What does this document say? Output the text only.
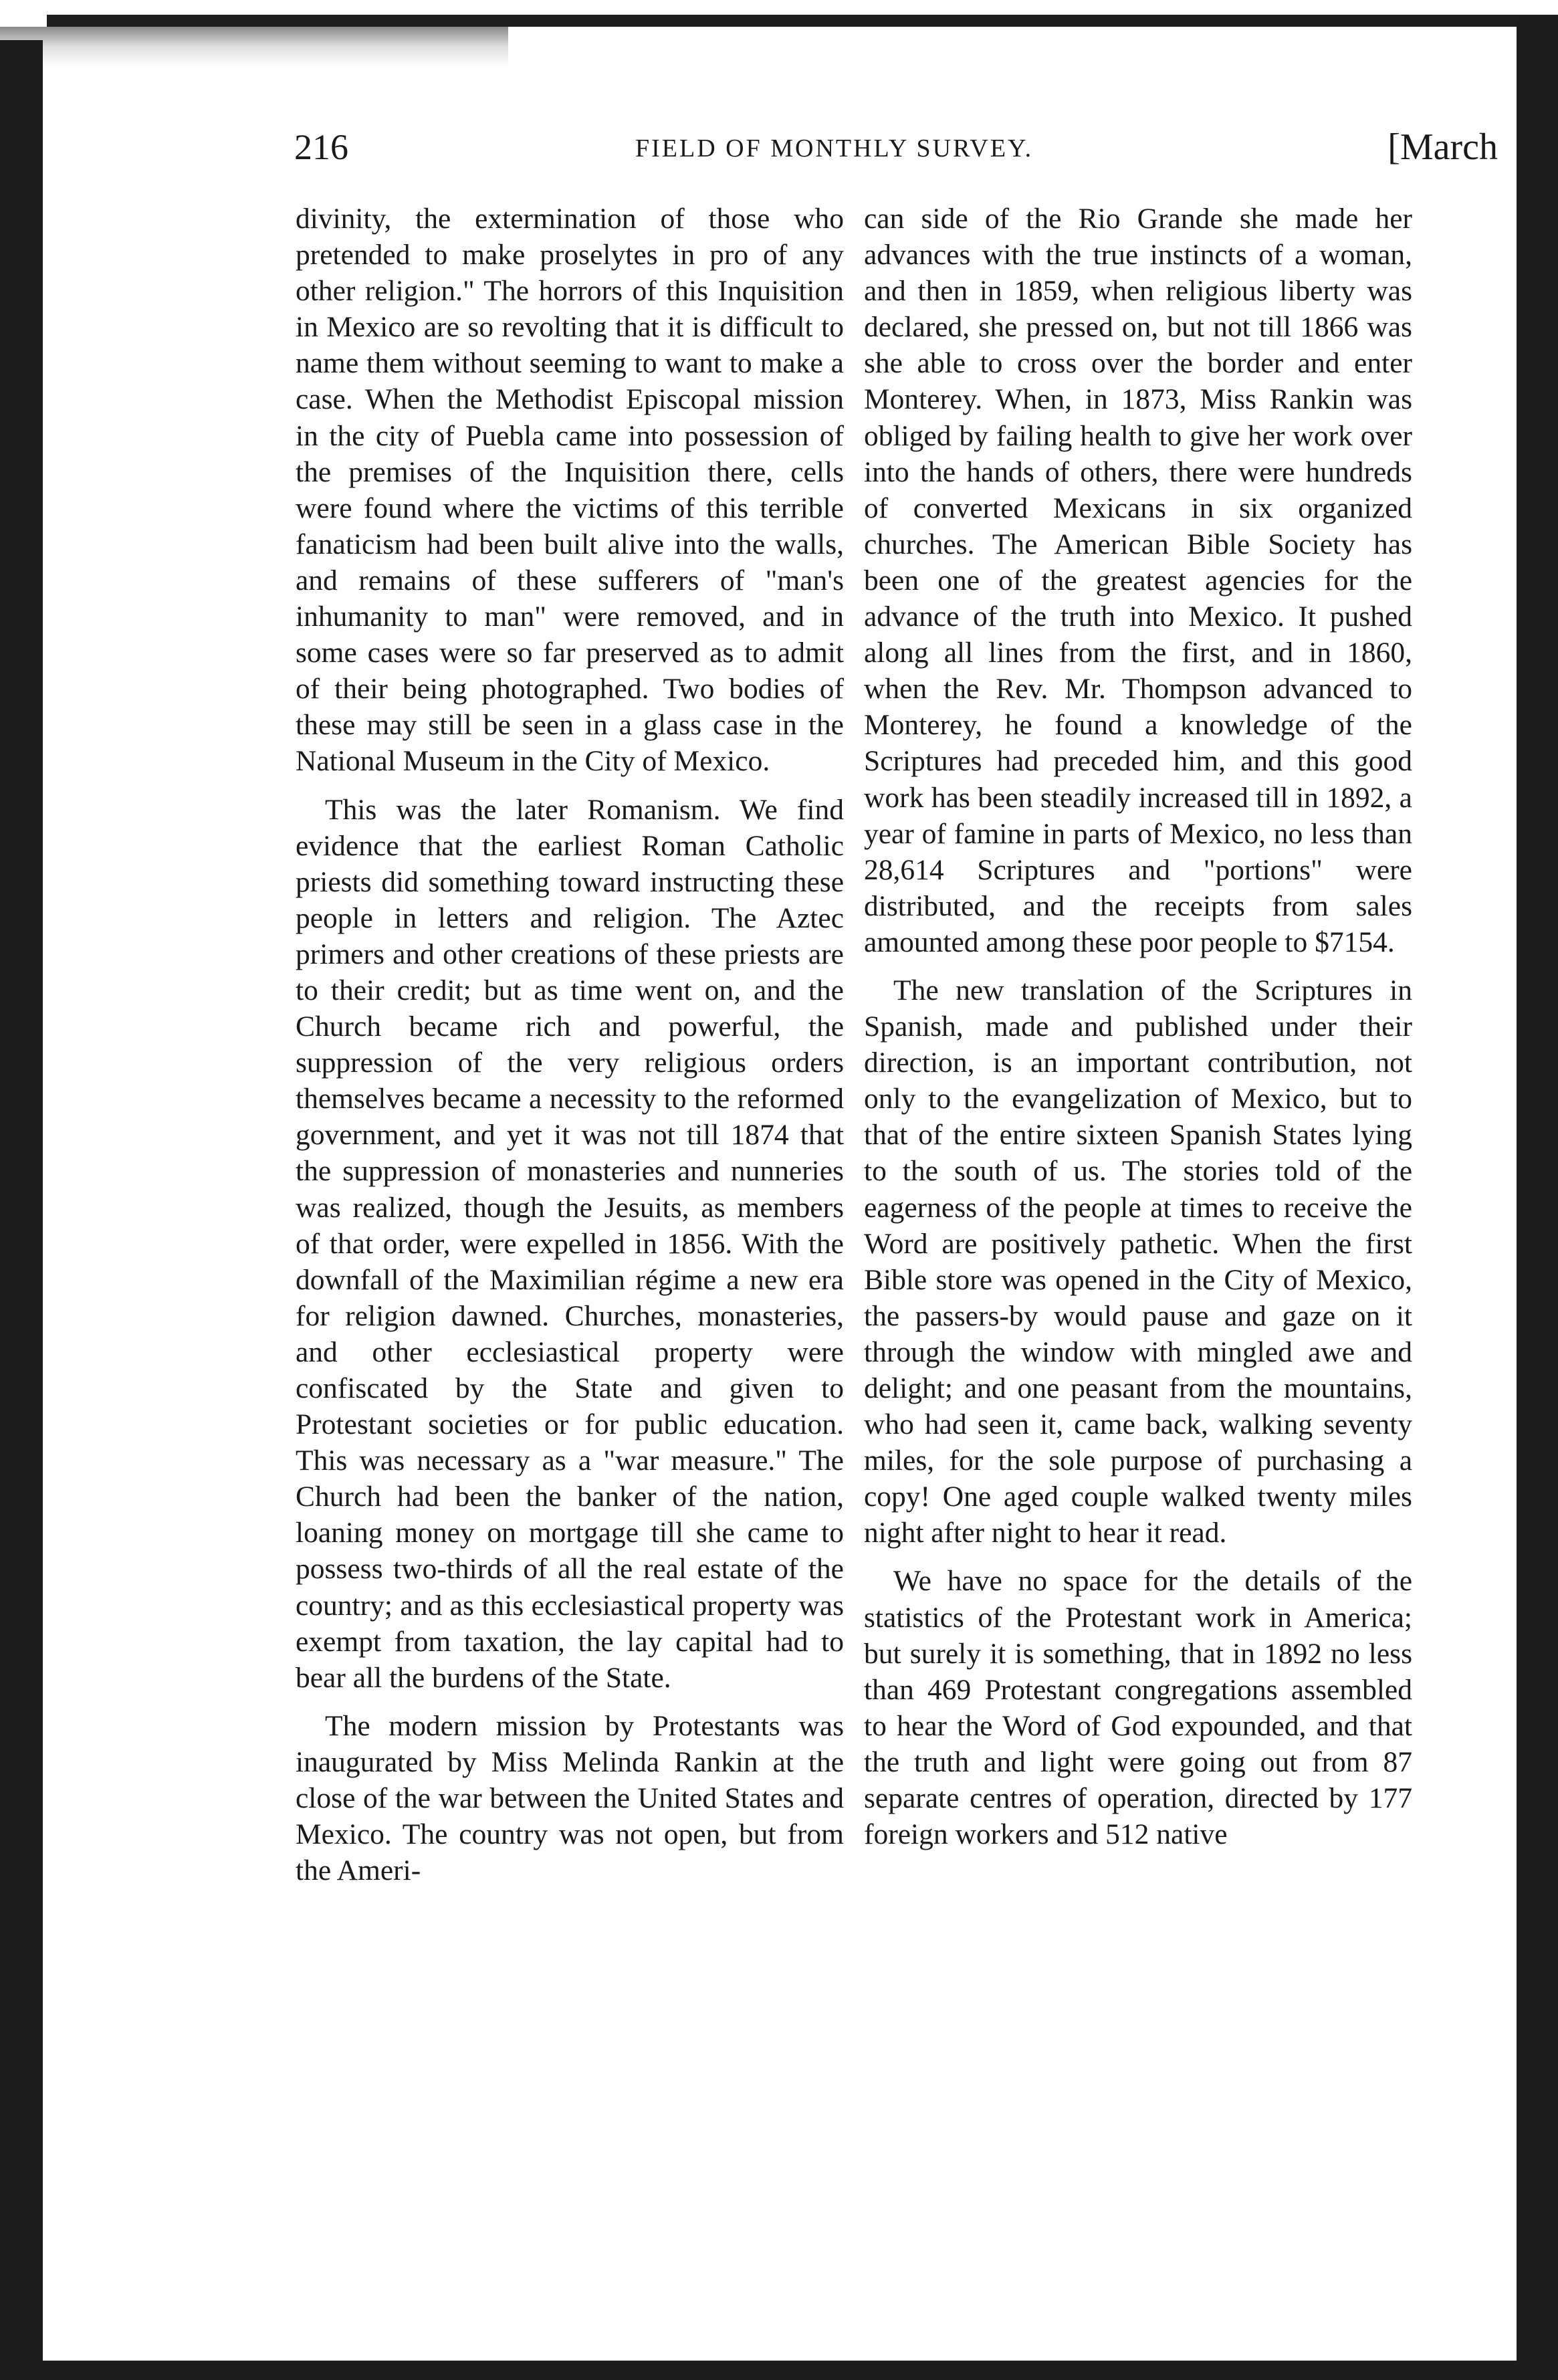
216	FIELD OF MONTHLY SURVEY.	[March

divinity, the extermination of those who pretended to make proselytes in pro of any other religion." The horrors of this Inquisition in Mexico are so revolting that it is difficult to name them without seeming to want to make a case. When the Methodist Episcopal mission in the city of Puebla came into possession of the premises of the Inquisition there, cells were found where the victims of this terrible fanaticism had been built alive into the walls, and remains of these sufferers of "man's inhumanity to man" were removed, and in some cases were so far preserved as to admit of their being photographed. Two bodies of these may still be seen in a glass case in the National Museum in the City of Mexico.

This was the later Romanism. We find evidence that the earliest Roman Catholic priests did something toward instructing these people in letters and religion. The Aztec primers and other creations of these priests are to their credit; but as time went on, and the Church became rich and powerful, the suppression of the very religious orders themselves became a necessity to the reformed government, and yet it was not till 1874 that the suppression of monasteries and nunneries was realized, though the Jesuits, as members of that order, were expelled in 1856. With the downfall of the Maximilian régime a new era for religion dawned. Churches, monasteries, and other ecclesiastical property were confiscated by the State and given to Protestant societies or for public education. This was necessary as a "war measure." The Church had been the banker of the nation, loaning money on mortgage till she came to possess two-thirds of all the real estate of the country; and as this ecclesiastical property was exempt from taxation, the lay capital had to bear all the burdens of the State.

The modern mission by Protestants was inaugurated by Miss Melinda Rankin at the close of the war between the United States and Mexico. The country was not open, but from the Ameri-

can side of the Rio Grande she made her advances with the true instincts of a woman, and then in 1859, when religious liberty was declared, she pressed on, but not till 1866 was she able to cross over the border and enter Monterey. When, in 1873, Miss Rankin was obliged by failing health to give her work over into the hands of others, there were hundreds of converted Mexicans in six organized churches. The American Bible Society has been one of the greatest agencies for the advance of the truth into Mexico. It pushed along all lines from the first, and in 1860, when the Rev. Mr. Thompson advanced to Monterey, he found a knowledge of the Scriptures had preceded him, and this good work has been steadily increased till in 1892, a year of famine in parts of Mexico, no less than 28,614 Scriptures and "portions" were distributed, and the receipts from sales amounted among these poor people to $7154.

The new translation of the Scriptures in Spanish, made and published under their direction, is an important contribution, not only to the evangelization of Mexico, but to that of the entire sixteen Spanish States lying to the south of us. The stories told of the eagerness of the people at times to receive the Word are positively pathetic. When the first Bible store was opened in the City of Mexico, the passers-by would pause and gaze on it through the window with mingled awe and delight; and one peasant from the mountains, who had seen it, came back, walking seventy miles, for the sole purpose of purchasing a copy! One aged couple walked twenty miles night after night to hear it read.

We have no space for the details of the statistics of the Protestant work in America; but surely it is something, that in 1892 no less than 469 Protestant congregations assembled to hear the Word of God expounded, and that the truth and light were going out from 87 separate centres of operation, directed by 177 foreign workers and 512 native
